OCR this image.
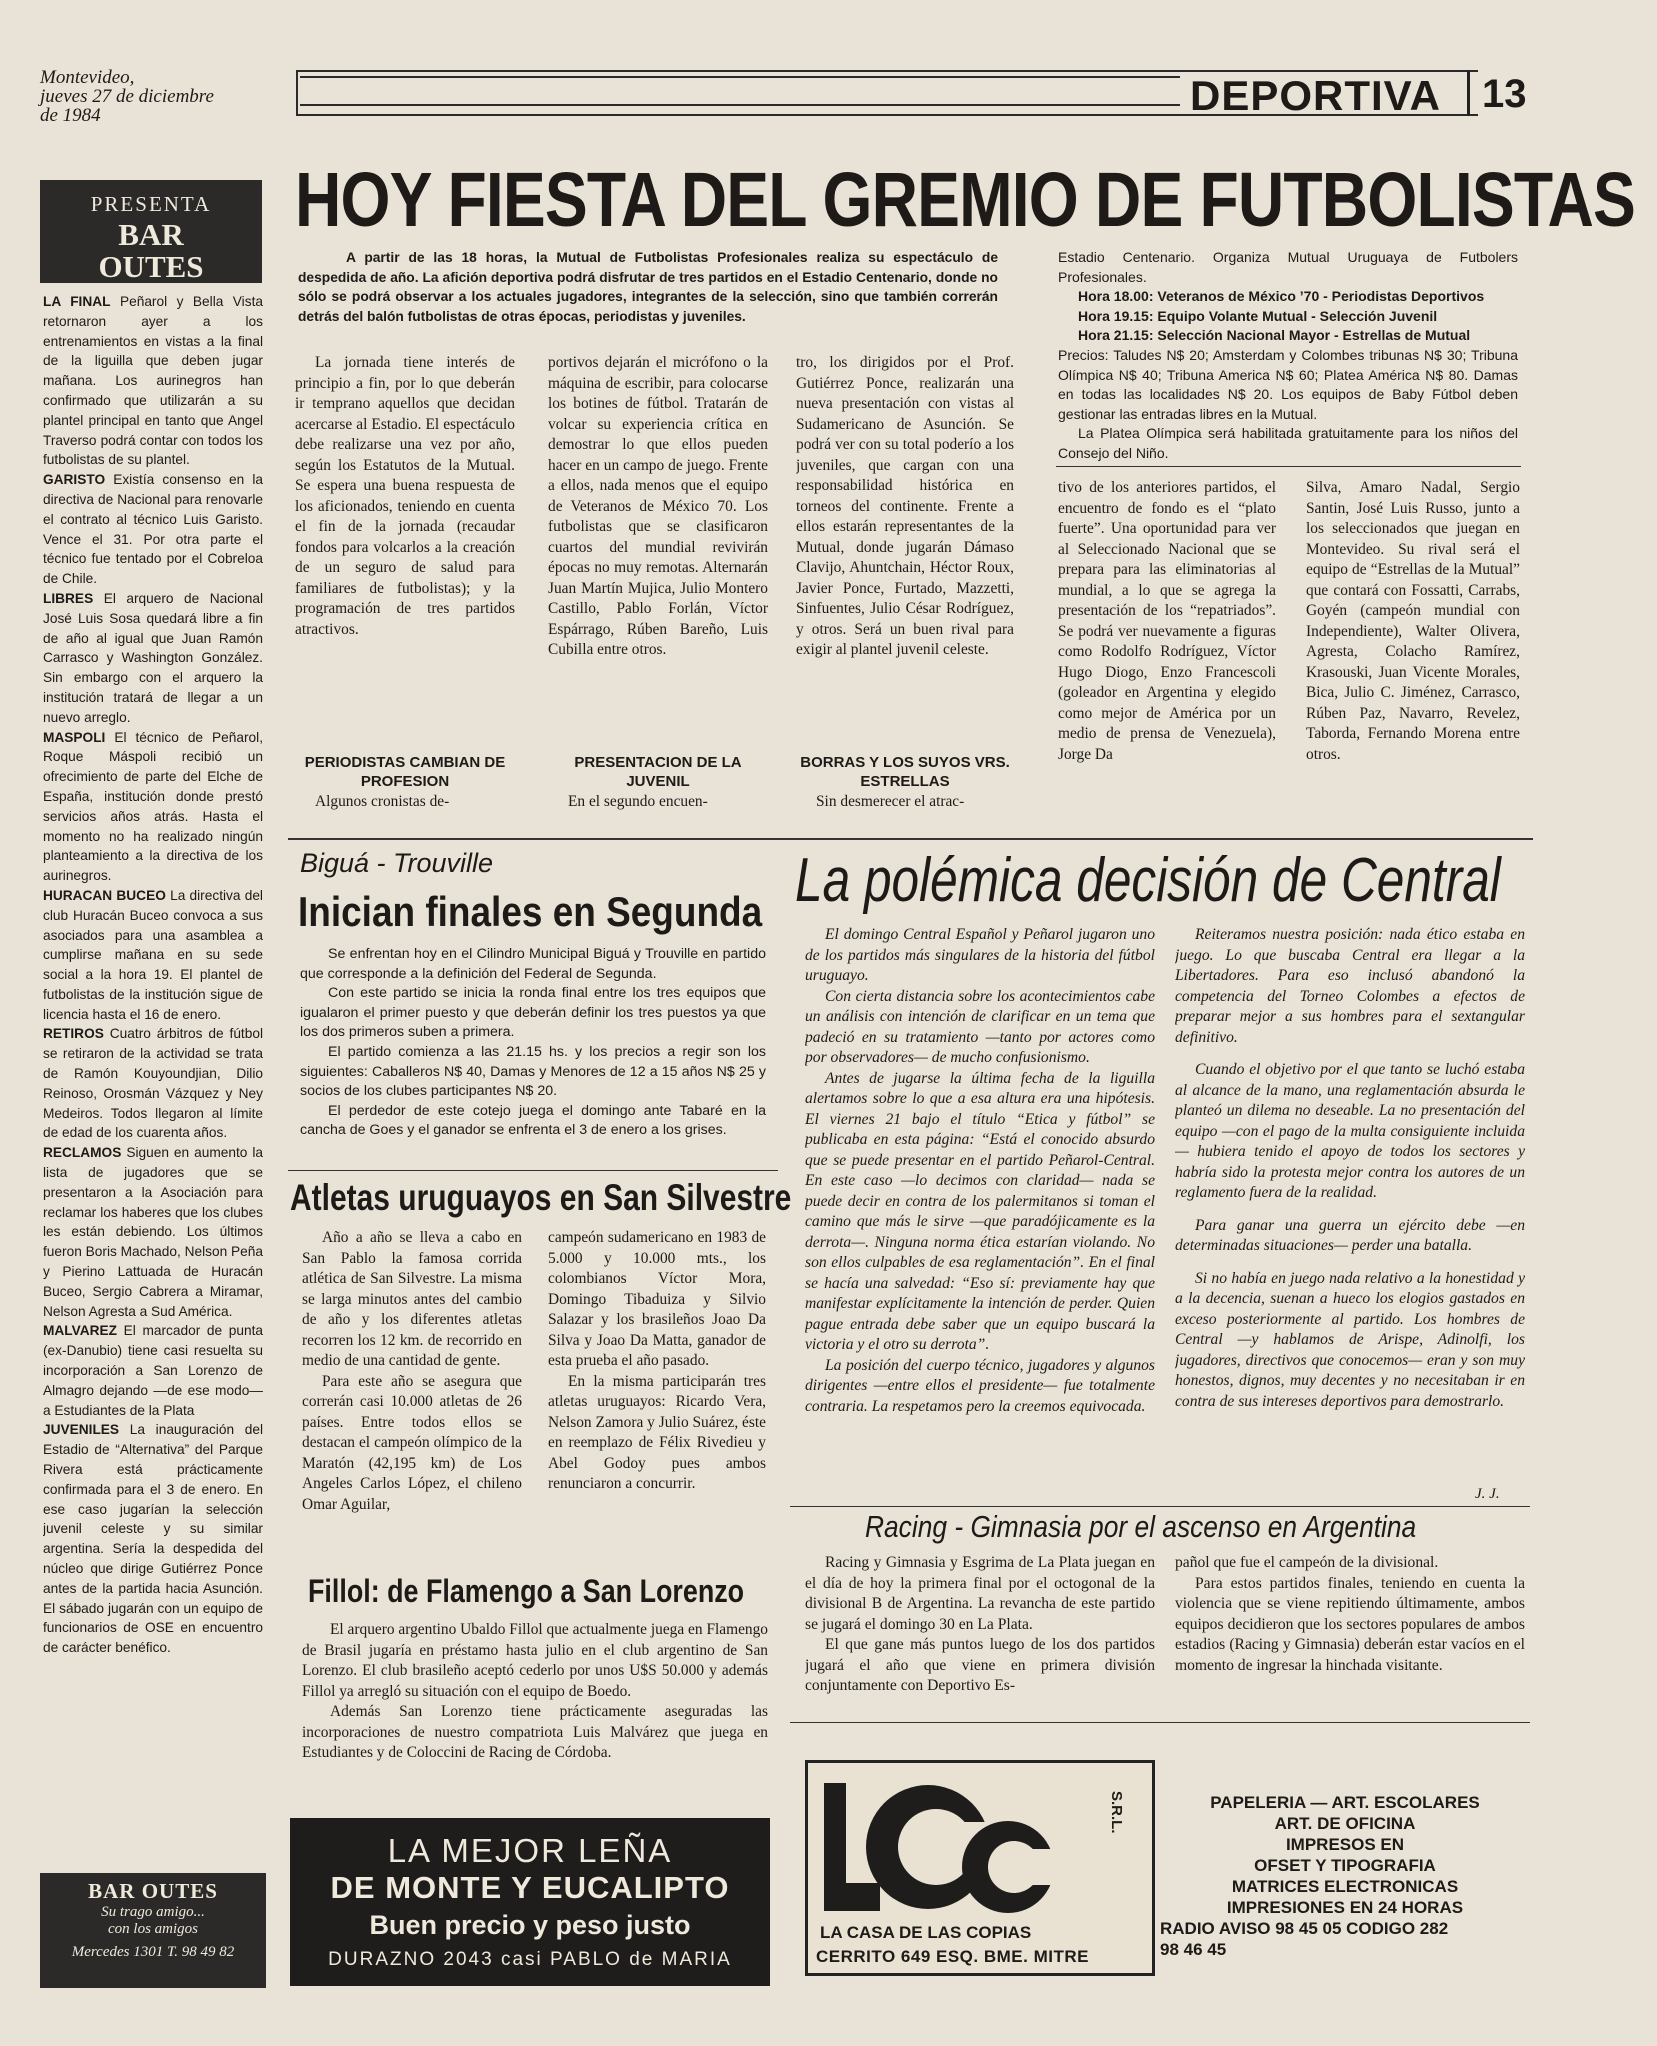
Montevideo,
jueves 27 de diciembre
de 1984	DEPORTIVA 13
PRESENTA
BAR OUTES

LA FINAL Peñarol y Bella Vista retornaron ayer a los entrenamientos en vistas a la final de la liguilla que deben jugar mañana. Los aurinegros han confirmado que utilizarán a su plantel principal en tanto que Angel Traverso podrá contar con todos los futbolistas de su plantel.

GARISTO Existía consenso en la directiva de Nacional para renovarle el contrato al técnico Luis Garisto. Vence el 31. Por otra parte el técnico fue tentado por el Cobreloa de Chile.

LIBRES El arquero de Nacional José Luis Sosa quedará libre a fin de año al igual que Juan Ramón Carrasco y Washington González. Sin embargo con el arquero la institución tratará de llegar a un nuevo arreglo.

MASPOLI El técnico de Peñarol, Roque Máspoli recibió un ofrecimiento de parte del Elche de España, institución donde prestó servicios años atrás. Hasta el momento no ha realizado ningún planteamiento a la directiva de los aurinegros.

HURACAN BUCEO La directiva del club Huracán Buceo convoca a sus asociados para una asamblea a cumplirse mañana en su sede social a la hora 19. El plantel de futbolistas de la institución sigue de licencia hasta el 16 de enero.

RETIROS Cuatro árbitros de fútbol se retiraron de la actividad se trata de Ramón Kouyoundjian, Dilio Reinoso, Orosmán Vázquez y Ney Medeiros. Todos llegaron al límite de edad de los cuarenta años.

RECLAMOS Siguen en aumento la lista de jugadores que se presentaron a la Asociación para reclamar los haberes que los clubes les están debiendo. Los últimos fueron Boris Machado, Nelson Peña y Pierino Lattuada de Huracán Buceo, Sergio Cabrera a Miramar, Nelson Agresta a Sud América.

MALVAREZ El marcador de punta (ex-Danubio) tiene casi resuelta su incorporación a San Lorenzo de Almagro dejando —de ese modo— a Estudiantes de la Plata

JUVENILES La inauguración del Estadio de “Alternativa” del Parque Rivera está prácticamente confirmada para el 3 de enero. En ese caso jugarían la selección juvenil celeste y su similar argentina. Sería la despedida del núcleo que dirige Gutiérrez Ponce antes de la partida hacia Asunción. El sábado jugarán con un equipo de funcionarios de OSE en encuentro de carácter benéfico.

BAR OUTES
Su trago amigo...
con los amigos
Mercedes 1301 T. 98 49 82
HOY FIESTA DEL GREMIO DE FUTBOLISTAS
A partir de las 18 horas, la Mutual de Futbolistas Profesionales realiza su espectáculo de despedida de año. La afición deportiva podrá disfrutar de tres partidos en el Estadio Centenario, donde no sólo se podrá observar a los actuales jugadores, integrantes de la selección, sino que también correrán detrás del balón futbolistas de otras épocas, periodistas y juveniles.
Estadio Centenario. Organiza Mutual Uruguaya de Futbolers Profesionales.
Hora 18.00: Veteranos de México ’70 - Periodistas Deportivos
Hora 19.15: Equipo Volante Mutual - Selección Juvenil
Hora 21.15: Selección Nacional Mayor - Estrellas de Mutual
Precios: Taludes N$ 20; Amsterdam y Colombes tribunas N$ 30; Tribuna Olímpica N$ 40; Tribuna America N$ 60; Platea América N$ 80. Damas en todas las localidades N$ 20. Los equipos de Baby Fútbol deben gestionar las entradas libres en la Mutual.
La Platea Olímpica será habilitada gratuitamente para los niños del Consejo del Niño.

La jornada tiene interés de principio a fin, por lo que deberán ir temprano aquellos que decidan acercarse al Estadio. El espectáculo debe realizarse una vez por año, según los Estatutos de la Mutual. Se espera una buena respuesta de los aficionados, teniendo en cuenta el fin de la jornada (recaudar fondos para volcarlos a la creación de un seguro de salud para familiares de futbolistas); y la programación de tres partidos atractivos.

PERIODISTAS CAMBIAN DE PROFESION

Algunos cronistas de-

portivos dejarán el micrófono o la máquina de escribir, para colocarse los botines de fútbol. Tratarán de volcar su experiencia crítica en demostrar lo que ellos pueden hacer en un campo de juego. Frente a ellos, nada menos que el equipo de Veteranos de México 70. Los futbolistas que se clasificaron cuartos del mundial revivirán épocas no muy remotas. Alternarán Juan Martín Mujica, Julio Montero Castillo, Pablo Forlán, Víctor Espárrago, Rúben Bareño, Luis Cubilla entre otros.

PRESENTACION DE LA JUVENIL

En el segundo encuen-

tro, los dirigidos por el Prof. Gutiérrez Ponce, realizarán una nueva presentación con vistas al Sudamericano de Asunción. Se podrá ver con su total poderío a los juveniles, que cargan con una responsabilidad histórica en torneos del continente. Frente a ellos estarán representantes de la Mutual, donde jugarán Dámaso Clavijo, Ahuntchain, Héctor Roux, Javier Ponce, Furtado, Mazzetti, Sinfuentes, Julio César Rodríguez, y otros. Será un buen rival para exigir al plantel juvenil celeste.

BORRAS Y LOS SUYOS VRS. ESTRELLAS

Sin desmerecer el atrac-

tivo de los anteriores partidos, el encuentro de fondo es el “plato fuerte”. Una oportunidad para ver al Seleccionado Nacional que se prepara para las eliminatorias al mundial, a lo que se agrega la presentación de los “repatriados”. Se podrá ver nuevamente a figuras como Rodolfo Rodríguez, Víctor Hugo Diogo, Enzo Francescoli (goleador en Argentina y elegido como mejor de América por un medio de prensa de Venezuela), Jorge Da

Silva, Amaro Nadal, Sergio Santin, José Luis Russo, junto a los seleccionados que juegan en Montevideo. Su rival será el equipo de “Estrellas de la Mutual” que contará con Fossatti, Carrabs, Goyén (campeón mundial con Independiente), Walter Olivera, Agresta, Colacho Ramírez, Krasouski, Juan Vicente Morales, Bica, Julio C. Jiménez, Carrasco, Rúben Paz, Navarro, Revelez, Taborda, Fernando Morena entre otros.

Biguá - Trouville
Inician finales en Segunda

Se enfrentan hoy en el Cilindro Municipal Biguá y Trouville en partido que corresponde a la definición del Federal de Segunda.

Con este partido se inicia la ronda final entre los tres equipos que igualaron el primer puesto y que deberán definir los tres puestos ya que los dos primeros suben a primera.

El partido comienza a las 21.15 hs. y los precios a regir son los siguientes: Caballeros N$ 40, Damas y Menores de 12 a 15 años N$ 25 y socios de los clubes participantes N$ 20.

El perdedor de este cotejo juega el domingo ante Tabaré en la cancha de Goes y el ganador se enfrenta el 3 de enero a los grises.

Atletas uruguayos en San Silvestre

Año a año se lleva a cabo en San Pablo la famosa corrida atlética de San Silvestre. La misma se larga minutos antes del cambio de año y los diferentes atletas recorren los 12 km. de recorrido en medio de una cantidad de gente.

Para este año se asegura que correrán casi 10.000 atletas de 26 países. Entre todos ellos se destacan el campeón olímpico de la Maratón (42,195 km) de Los Angeles Carlos López, el chileno Omar Aguilar,

campeón sudamericano en 1983 de 5.000 y 10.000 mts., los colombianos Víctor Mora, Domingo Tibaduiza y Silvio Salazar y los brasileños Joao Da Silva y Joao Da Matta, ganador de esta prueba el año pasado.

En la misma participarán tres atletas uruguayos: Ricardo Vera, Nelson Zamora y Julio Suárez, éste en reemplazo de Félix Rivedieu y Abel Godoy pues ambos renunciaron a concurrir.

Fillol: de Flamengo a San Lorenzo

El arquero argentino Ubaldo Fillol que actualmente juega en Flamengo de Brasil jugaría en préstamo hasta julio en el club argentino de San Lorenzo. El club brasileño aceptó cederlo por unos U$S 50.000 y además Fillol ya arregló su situación con el equipo de Boedo.

Además San Lorenzo tiene prácticamente aseguradas las incorporaciones de nuestro compatriota Luis Malvárez que juega en Estudiantes y de Coloccini de Racing de Córdoba.

LA MEJOR LEÑA
DE MONTE Y EUCALIPTO
Buen precio y peso justo
DURAZNO 2043 casi PABLO de MARIA
La polémica decisión de Central

El domingo Central Español y Peñarol jugaron uno de los partidos más singulares de la historia del fútbol uruguayo.

Con cierta distancia sobre los acontecimientos cabe un análisis con intención de clarificar en un tema que padeció en su tratamiento —tanto por actores como por observadores— de mucho confusionismo.

Antes de jugarse la última fecha de la liguilla alertamos sobre lo que a esa altura era una hipótesis. El viernes 21 bajo el título “Etica y fútbol” se publicaba en esta página: “Está el conocido absurdo que se puede presentar en el partido Peñarol-Central. En este caso —lo decimos con claridad— nada se puede decir en contra de los palermitanos si toman el camino que más le sirve —que paradójicamente es la derrota—. Ninguna norma ética estarían violando. No son ellos culpables de esa reglamentación”. En el final se hacía una salvedad: “Eso sí: previamente hay que manifestar explícitamente la intención de perder. Quien pague entrada debe saber que un equipo buscará la victoria y el otro su derrota”.

La posición del cuerpo técnico, jugadores y algunos dirigentes —entre ellos el presidente— fue totalmente contraria. La respetamos pero la creemos equivocada.

Reiteramos nuestra posición: nada ético estaba en juego. Lo que buscaba Central era llegar a la Libertadores. Para eso inclusó abandonó la competencia del Torneo Colombes a efectos de preparar mejor a sus hombres para el sextangular definitivo.

Cuando el objetivo por el que tanto se luchó estaba al alcance de la mano, una reglamentación absurda le planteó un dilema no deseable. La no presentación del equipo —con el pago de la multa consiguiente incluida— hubiera tenido el apoyo de todos los sectores y habría sido la protesta mejor contra los autores de un reglamento fuera de la realidad.

Para ganar una guerra un ejército debe —en determinadas situaciones— perder una batalla.

Si no había en juego nada relativo a la honestidad y a la decencia, suenan a hueco los elogios gastados en exceso posteriormente al partido. Los hombres de Central —y hablamos de Arispe, Adinolfi, los jugadores, directivos que conocemos— eran y son muy honestos, dignos, muy decentes y no necesitaban ir en contra de sus intereses deportivos para demostrarlo.

J. J.
Racing - Gimnasia por el ascenso en Argentina

Racing y Gimnasia y Esgrima de La Plata juegan en el día de hoy la primera final por el octogonal de la divisional B de Argentina. La revancha de este partido se jugará el domingo 30 en La Plata.

El que gane más puntos luego de los dos partidos jugará el año que viene en primera división conjuntamente con Deportivo Es-

pañol que fue el campeón de la divisional.

Para estos partidos finales, teniendo en cuenta la violencia que se viene repitiendo últimamente, ambos equipos decidieron que los sectores populares de ambos estadios (Racing y Gimnasia) deberán estar vacíos en el momento de ingresar la hinchada visitante.

S.R.L.
LA CASA DE LAS COPIAS
CERRITO 649 ESQ. BME. MITRE
PAPELERIA — ART. ESCOLARES
ART. DE OFICINA
IMPRESOS EN
OFSET Y TIPOGRAFIA
MATRICES ELECTRONICAS
IMPRESIONES EN 24 HORAS
RADIO AVISO 98 45 05 CODIGO 282
98 46 45
